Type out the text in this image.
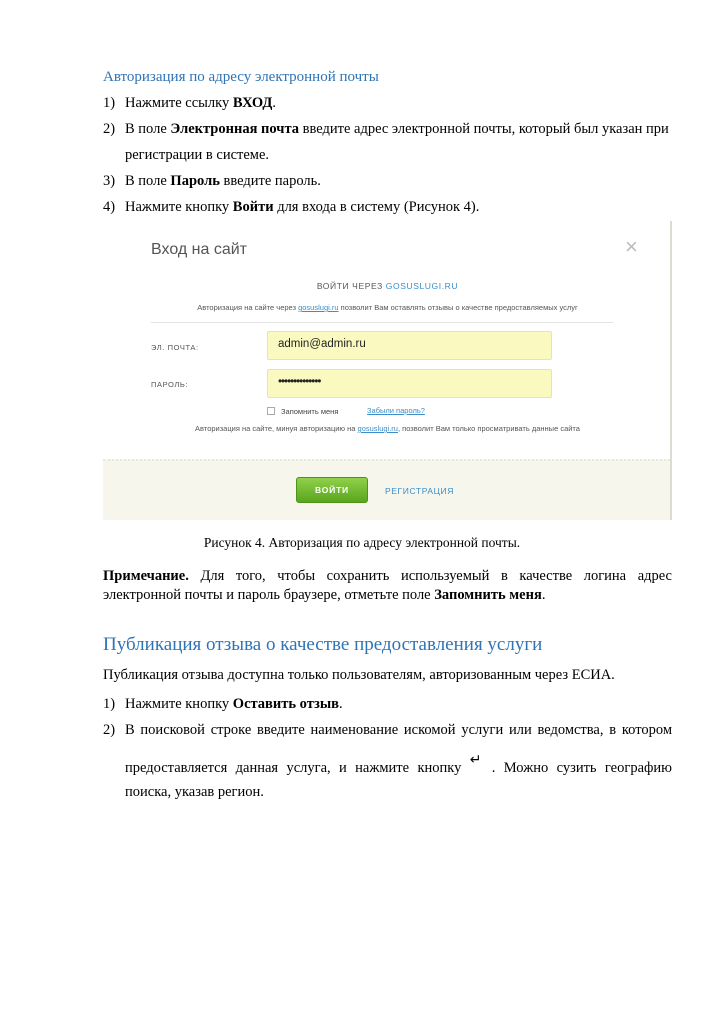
Авторизация по адресу электронной почты
1) Нажмите ссылку ВХОД.
2) В поле Электронная почта введите адрес электронной почты, который был указан при
регистрации в системе.
3) В поле Пароль введите пароль.
4) Нажмите кнопку Войти для входа в систему (Рисунок 4).
Вход на сайт	×
ВОЙТИ ЧЕРЕЗ GOSUSLUGI.RU
Авторизация на сайте через gosuslugi.ru позволит Вам оставлять отзывы о качестве предоставляемых услуг
ЭЛ. ПОЧТА:	admin@admin.ru
ПАРОЛЬ:	••••••••••••••
Запомнить меня	Забыли пароль?
Авторизация на сайте, минуя авторизацию на gosuslugi.ru, позволит Вам только просматривать данные сайта
ВОЙТИ	РЕГИСТРАЦИЯ
Рисунок 4. Авторизация по адресу электронной почты.
Примечание. Для того, чтобы сохранить используемый в качестве логина адрес
электронной почты и пароль браузере, отметьте поле Запомнить меня.
Публикация отзыва о качестве предоставления услуги
Публикация отзыва доступна только пользователям, авторизованным через ЕСИА.
1) Нажмите кнопку Оставить отзыв.
2) В поисковой строке введите наименование искомой услуги или ведомства, в котором
предоставляется данная услуга, и нажмите кнопку ↵ . Можно сузить географию
поиска, указав регион.
